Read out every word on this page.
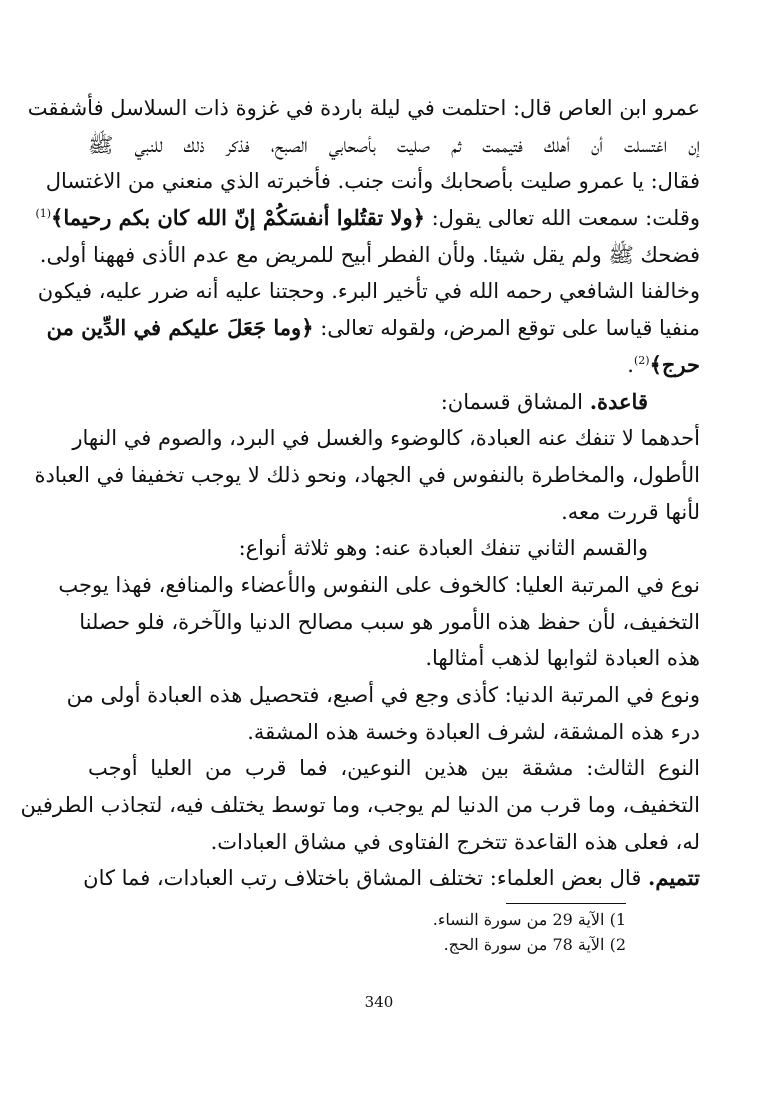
عمرو ابن العاص قال: احتلمت في ليلة باردة في غزوة ذات السلاسل فأشفقت
إن اغتسلت أن أهلك فتيممت ثم صليت بأصحابي الصبح، فذكر ذلك للنبي ﷺ
فقال: يا عمرو صليت بأصحابك وأنت جنب. فأخبرته الذي منعني من الاغتسال
وقلت: سمعت الله تعالى يقول: ﴿ولا تقتُلوا أنفسَكُمْ إنّ الله كان بكم رحيما﴾$^{(1)}$
فضحك ﷺ ولم يقل شيئا. ولأن الفطر أبيح للمريض مع عدم الأذى فههنا أولى.
وخالفنا الشافعي رحمه الله في تأخير البرء. وحجتنا عليه أنه ضرر عليه، فيكون
منفيا قياسا على توقع المرض، ولقوله تعالى: ﴿وما جَعَلَ عليكم في الدِّين من
حرج﴾$^{(2)}$.
قاعدة. المشاق قسمان:
أحدهما لا تنفك عنه العبادة، كالوضوء والغسل في البرد، والصوم في النهار
الأطول، والمخاطرة بالنفوس في الجهاد، ونحو ذلك لا يوجب تخفيفا في العبادة
لأنها قررت معه.
والقسم الثاني تنفك العبادة عنه: وهو ثلاثة أنواع:
نوع في المرتبة العليا: كالخوف على النفوس والأعضاء والمنافع، فهذا يوجب
التخفيف، لأن حفظ هذه الأمور هو سبب مصالح الدنيا والآخرة، فلو حصلنا
هذه العبادة لثوابها لذهب أمثالها.
ونوع في المرتبة الدنيا: كأذى وجع في أصبع، فتحصيل هذه العبادة أولى من
درء هذه المشقة، لشرف العبادة وخسة هذه المشقة.
النوع الثالث: مشقة بين هذين النوعين، فما قرب من العليا أوجب
التخفيف، وما قرب من الدنيا لم يوجب، وما توسط يختلف فيه، لتجاذب الطرفين
له، فعلى هذه القاعدة تتخرج الفتاوى في مشاق العبادات.
تتميم. قال بعض العلماء: تختلف المشاق باختلاف رتب العبادات، فما كان
1) الآية 29 من سورة النساء.
2) الآية 78 من سورة الحج.
340
